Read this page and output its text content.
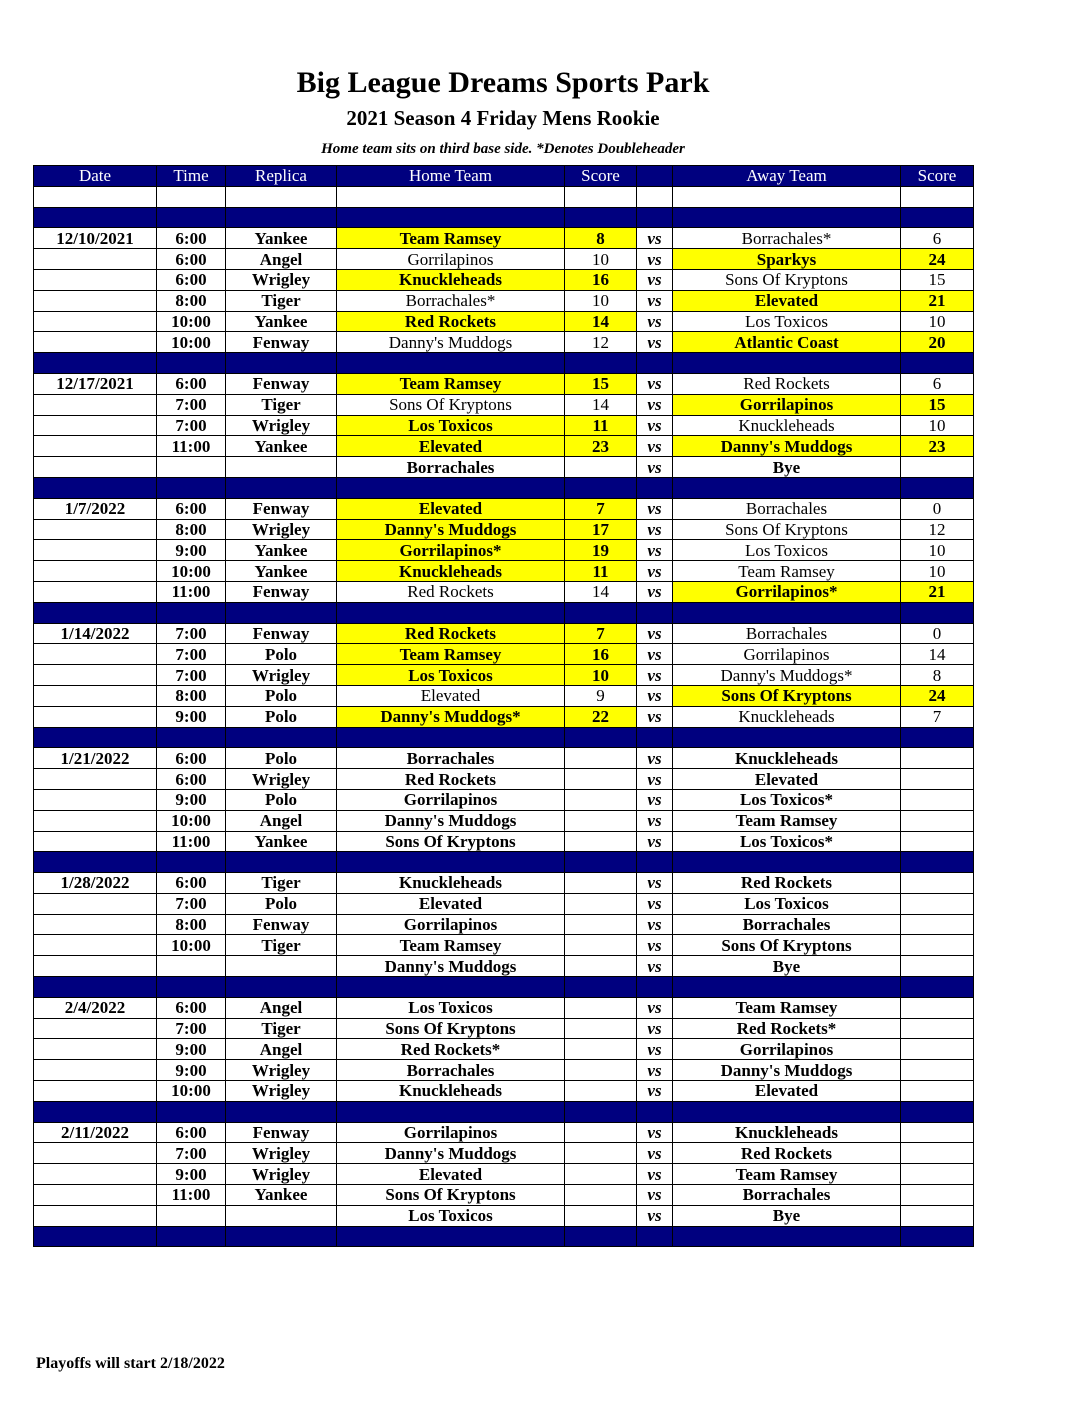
Big League Dreams Sports Park
2021 Season 4 Friday Mens Rookie
Home team sits on third base side. *Denotes Doubleheader
Date	Time	Replica	Home Team	Score		Away Team	Score

12/10/2021	6:00	Yankee	Team Ramsey	8	vs	Borrachales*	6
	6:00	Angel	Gorrilapinos	10	vs	Sparkys	24
	6:00	Wrigley	Knuckleheads	16	vs	Sons Of Kryptons	15
	8:00	Tiger	Borrachales*	10	vs	Elevated	21
	10:00	Yankee	Red Rockets	14	vs	Los Toxicos	10
	10:00	Fenway	Danny's Muddogs	12	vs	Atlantic Coast	20

12/17/2021	6:00	Fenway	Team Ramsey	15	vs	Red Rockets	6
	7:00	Tiger	Sons Of Kryptons	14	vs	Gorrilapinos	15
	7:00	Wrigley	Los Toxicos	11	vs	Knuckleheads	10
	11:00	Yankee	Elevated	23	vs	Danny's Muddogs	23
			Borrachales		vs	Bye	

1/7/2022	6:00	Fenway	Elevated	7	vs	Borrachales	0
	8:00	Wrigley	Danny's Muddogs	17	vs	Sons Of Kryptons	12
	9:00	Yankee	Gorrilapinos*	19	vs	Los Toxicos	10
	10:00	Yankee	Knuckleheads	11	vs	Team Ramsey	10
	11:00	Fenway	Red Rockets	14	vs	Gorrilapinos*	21

1/14/2022	7:00	Fenway	Red Rockets	7	vs	Borrachales	0
	7:00	Polo	Team Ramsey	16	vs	Gorrilapinos	14
	7:00	Wrigley	Los Toxicos	10	vs	Danny's Muddogs*	8
	8:00	Polo	Elevated	9	vs	Sons Of Kryptons	24
	9:00	Polo	Danny's Muddogs*	22	vs	Knuckleheads	7

1/21/2022	6:00	Polo	Borrachales		vs	Knuckleheads	
	6:00	Wrigley	Red Rockets		vs	Elevated	
	9:00	Polo	Gorrilapinos		vs	Los Toxicos*	
	10:00	Angel	Danny's Muddogs		vs	Team Ramsey	
	11:00	Yankee	Sons Of Kryptons		vs	Los Toxicos*	

1/28/2022	6:00	Tiger	Knuckleheads		vs	Red Rockets	
	7:00	Polo	Elevated		vs	Los Toxicos	
	8:00	Fenway	Gorrilapinos		vs	Borrachales	
	10:00	Tiger	Team Ramsey		vs	Sons Of Kryptons	
			Danny's Muddogs		vs	Bye	

2/4/2022	6:00	Angel	Los Toxicos		vs	Team Ramsey	
	7:00	Tiger	Sons Of Kryptons		vs	Red Rockets*	
	9:00	Angel	Red Rockets*		vs	Gorrilapinos	
	9:00	Wrigley	Borrachales		vs	Danny's Muddogs	
	10:00	Wrigley	Knuckleheads		vs	Elevated	

2/11/2022	6:00	Fenway	Gorrilapinos		vs	Knuckleheads	
	7:00	Wrigley	Danny's Muddogs		vs	Red Rockets	
	9:00	Wrigley	Elevated		vs	Team Ramsey	
	11:00	Yankee	Sons Of Kryptons		vs	Borrachales	
			Los Toxicos		vs	Bye	

Playoffs will start 2/18/2022
